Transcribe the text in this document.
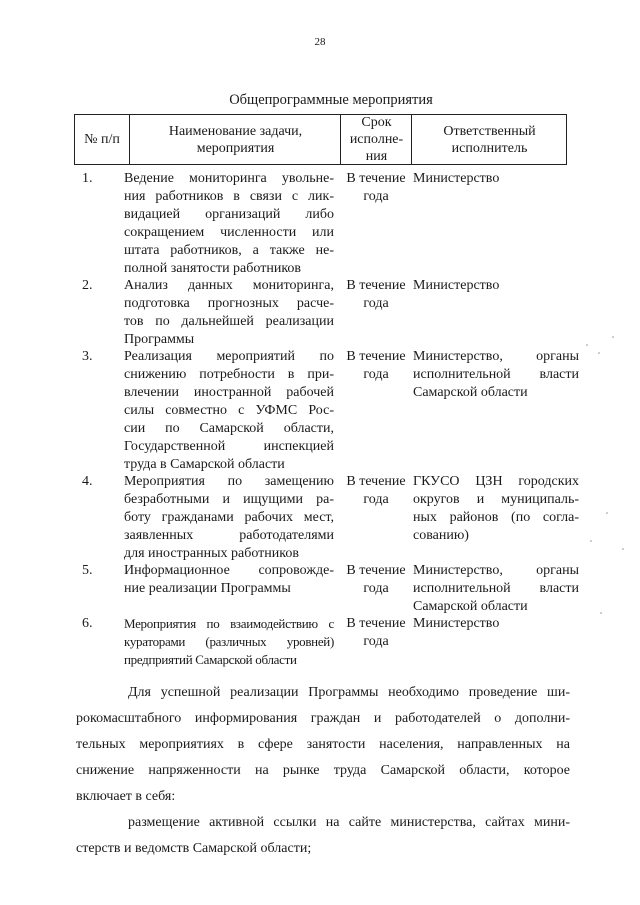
28
Общепрограммные мероприятия
№ п/п
Наименование задачи,
мероприятия
Срок
исполне-
ния
Ответственный
исполнитель
1. Ведение мониторинга увольне-
ния работников в связи с лик-
видацией организаций либо
сокращением численности или
штата работников, а также не-
полной занятости работников
В течение
года
Министерство
2. Анализ данных мониторинга,
подготовка прогнозных расче-
тов по дальнейшей реализации
Программы
В течение
года
Министерство
3. Реализация мероприятий по
снижению потребности в при-
влечении иностранной рабочей
силы совместно с УФМС Рос-
сии по Самарской области,
Государственной инспекцией
труда в Самарской области
В течение
года
Министерство, органы
исполнительной власти
Самарской области
4. Мероприятия по замещению
безработными и ищущими ра-
боту гражданами рабочих мест,
заявленных работодателями
для иностранных работников
В течение
года
ГКУСО ЦЗН городских
округов и муниципаль-
ных районов (по согла-
сованию)
5. Информационное сопровожде-
ние реализации Программы
В течение
года
Министерство, органы
исполнительной власти
Самарской области
6. Мероприятия по взаимодействию с
кураторами (различных уровней)
предприятий Самарской области
В течение
года
Министерство
Для успешной реализации Программы необходимо проведение ши-
рокомасштабного информирования граждан и работодателей о дополни-
тельных мероприятиях в сфере занятости населения, направленных на
снижение напряженности на рынке труда Самарской области, которое
включает в себя:
размещение активной ссылки на сайте министерства, сайтах мини-
стерств и ведомств Самарской области;
